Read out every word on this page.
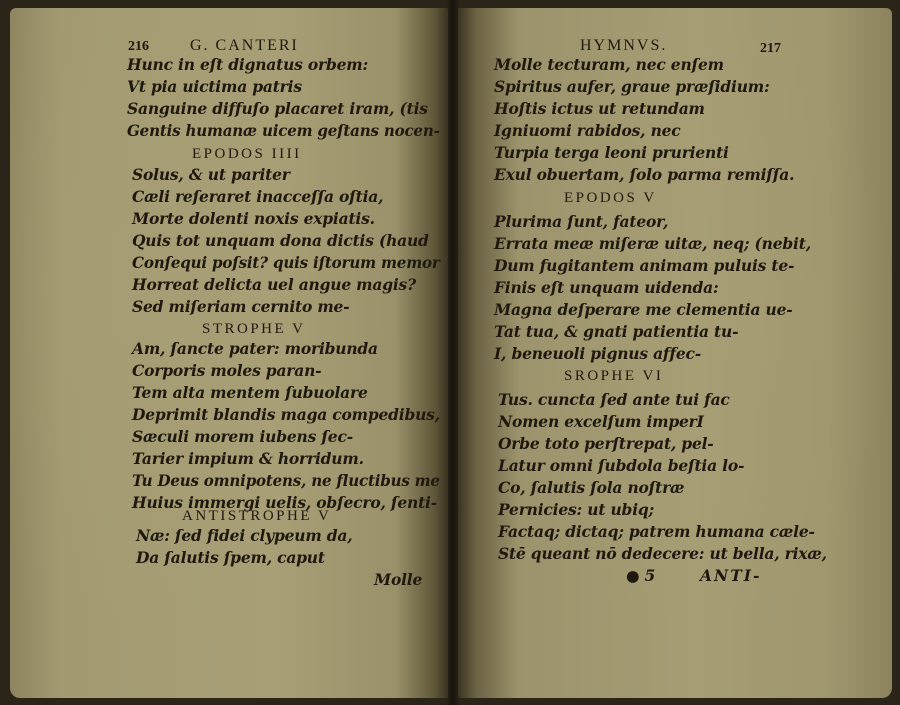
216	G. CANTERI
Hunc in eſt dignatus orbem:
Vt pia uictima patris
Sanguine diffuſo placaret iram, (tis
Gentis humanæ uicem geſtans nocen-
EPODOS IIII
Solus, & ut pariter
Cæli reſeraret inacceſſa oſtia,
Morte dolenti noxis expiatis.
Quis tot unquam dona dictis (haud
Conſequi poſsit? quis iſtorum memor
Horreat delicta uel angue magis?
Sed miſeriam cernito me-
STROPHE V
Am, ſancte pater: moribunda
Corporis moles paran-
Tem alta mentem ſubuolare
Deprimit blandis maga compedibus,
Sæculi morem iubens ſec-
Tarier impium & horridum.
Tu Deus omnipotens, ne fluctibus me
Huius immergi uelis, obſecro, ſenti-
ANTISTROPHE V
Næ: ſed fidei clypeum da,
Da ſalutis ſpem, caput
Molle
HYMNVS.	217
Molle tecturam, nec enſem
Spiritus aufer, graue præſidium:
Hoſtis ictus ut retundam
Igniuomi rabidos, nec
Turpia terga leoni prurienti
Exul obuertam, ſolo parma remiſſa.
EPODOS V
Plurima ſunt, fateor,
Errata meæ miſeræ uitæ, neq; (nebit,
Dum fugitantem animam puluis te-
Finis eſt unquam uidenda:
Magna deſperare me clementia ue-
Tat tua, & gnati patientia tu-
I, beneuoli pignus affec-
SROPHE VI
Tus. cuncta ſed ante tui fac
Nomen excelſum imperI
Orbe toto perſtrepat, pel-
Latur omni ſubdola beſtia lo-
Co, ſalutis ſola noſtræ
Pernicies: ut ubiq;
Factaq; dictaq; patrem humana cæle-
Stē queant nō dedecere: ut bella, rixæ,
● 5	ANTI-
